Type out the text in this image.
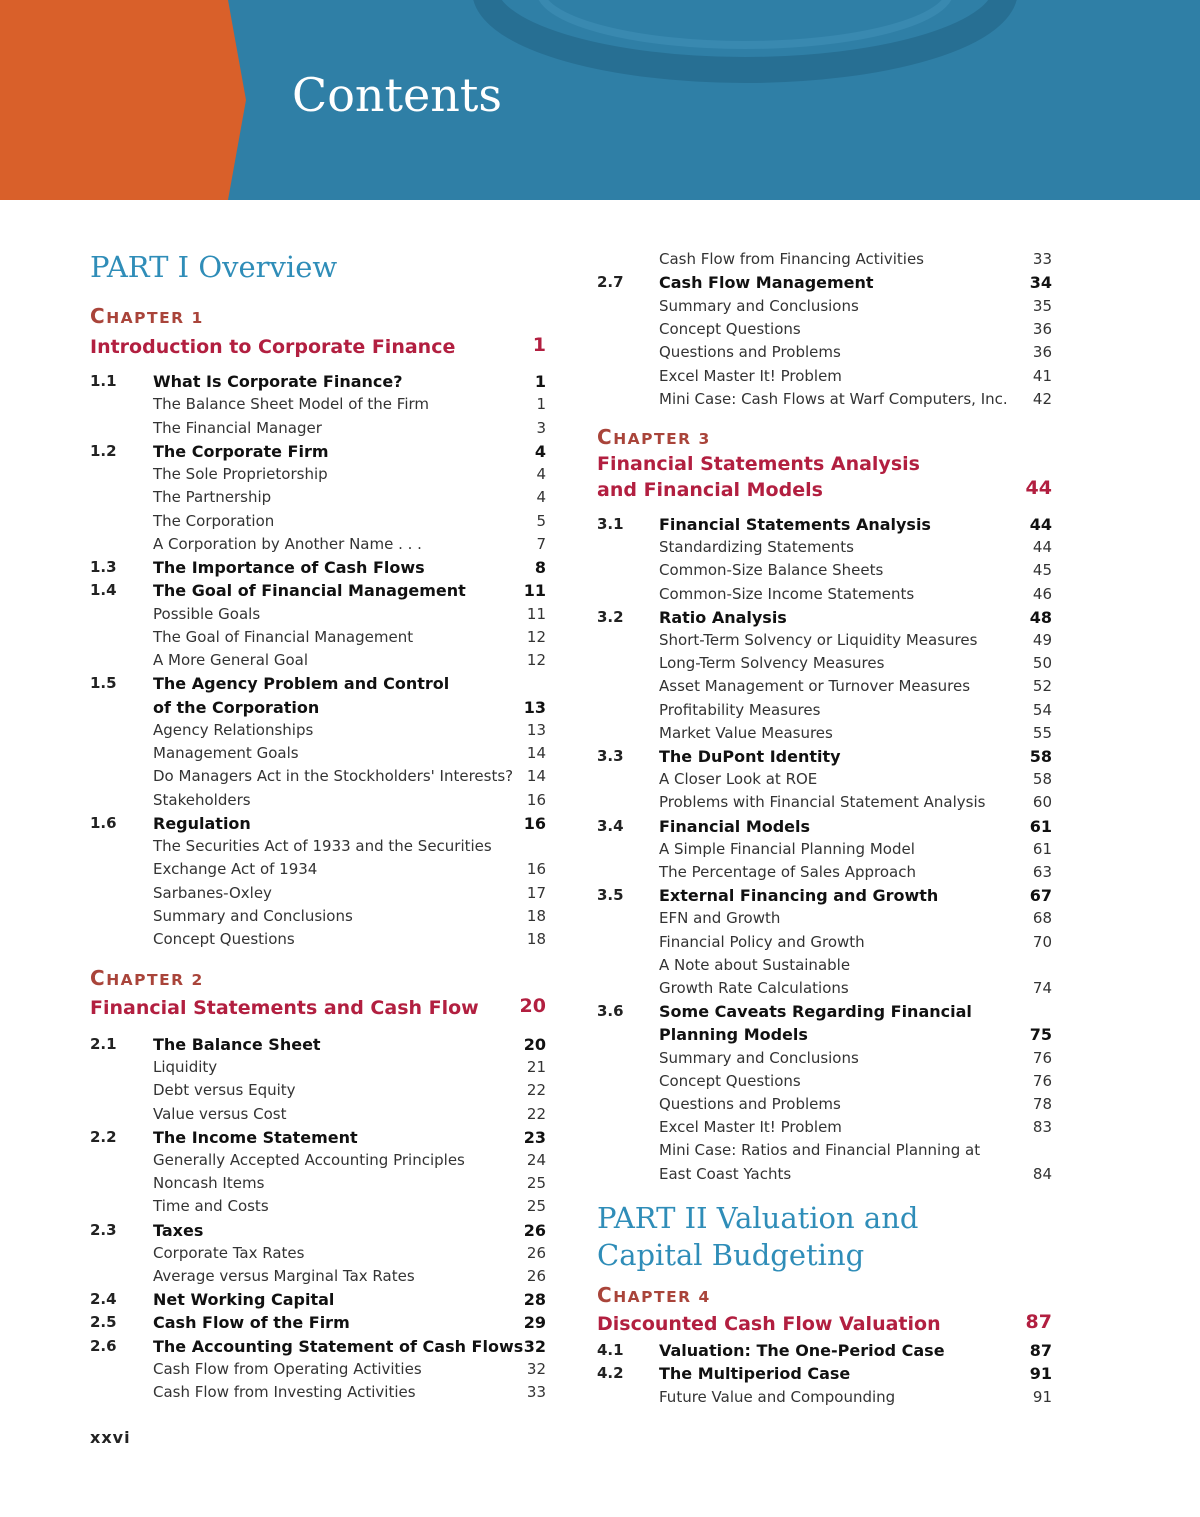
Contents
PART I Overview
CHAPTER 1
Introduction to Corporate Finance	1
1.1 What Is Corporate Finance?	1
The Balance Sheet Model of the Firm	1
The Financial Manager	3
1.2 The Corporate Firm	4
The Sole Proprietorship	4
The Partnership	4
The Corporation	5
A Corporation by Another Name . . .	7
1.3 The Importance of Cash Flows	8
1.4 The Goal of Financial Management	11
Possible Goals	11
The Goal of Financial Management	12
A More General Goal	12
1.5 The Agency Problem and Control
of the Corporation	13
Agency Relationships	13
Management Goals	14
Do Managers Act in the Stockholders' Interests? 14
Stakeholders	16
1.6 Regulation	16
The Securities Act of 1933 and the Securities
Exchange Act of 1934	16
Sarbanes-Oxley	17
Summary and Conclusions	18
Concept Questions	18
CHAPTER 2
Financial Statements and Cash Flow 20
2.1 The Balance Sheet	20
Liquidity	21
Debt versus Equity	22
Value versus Cost	22
2.2 The Income Statement	23
Generally Accepted Accounting Principles	24
Noncash Items	25
Time and Costs	25
2.3 Taxes	26
Corporate Tax Rates	26
Average versus Marginal Tax Rates	26
2.4 Net Working Capital	28
2.5 Cash Flow of the Firm	29
2.6 The Accounting Statement of Cash Flows 32
Cash Flow from Operating Activities	32
Cash Flow from Investing Activities	33
Cash Flow from Financing Activities	33
2.7 Cash Flow Management	34
Summary and Conclusions	35
Concept Questions	36
Questions and Problems	36
Excel Master It! Problem	41
Mini Case: Cash Flows at Warf Computers, Inc. 42
CHAPTER 3
Financial Statements Analysis
and Financial Models	44
3.1 Financial Statements Analysis	44
Standardizing Statements	44
Common-Size Balance Sheets	45
Common-Size Income Statements	46
3.2 Ratio Analysis	48
Short-Term Solvency or Liquidity Measures	49
Long-Term Solvency Measures	50
Asset Management or Turnover Measures	52
Profitability Measures	54
Market Value Measures	55
3.3 The DuPont Identity	58
A Closer Look at ROE	58
Problems with Financial Statement Analysis	60
3.4 Financial Models	61
A Simple Financial Planning Model	61
The Percentage of Sales Approach	63
3.5 External Financing and Growth	67
EFN and Growth	68
Financial Policy and Growth	70
A Note about Sustainable
Growth Rate Calculations	74
3.6 Some Caveats Regarding Financial
Planning Models	75
Summary and Conclusions	76
Concept Questions	76
Questions and Problems	78
Excel Master It! Problem	83
Mini Case: Ratios and Financial Planning at
East Coast Yachts	84
PART II Valuation and
Capital Budgeting
CHAPTER 4
Discounted Cash Flow Valuation	87
4.1 Valuation: The One-Period Case	87
4.2 The Multiperiod Case	91
Future Value and Compounding	91
xxvi
